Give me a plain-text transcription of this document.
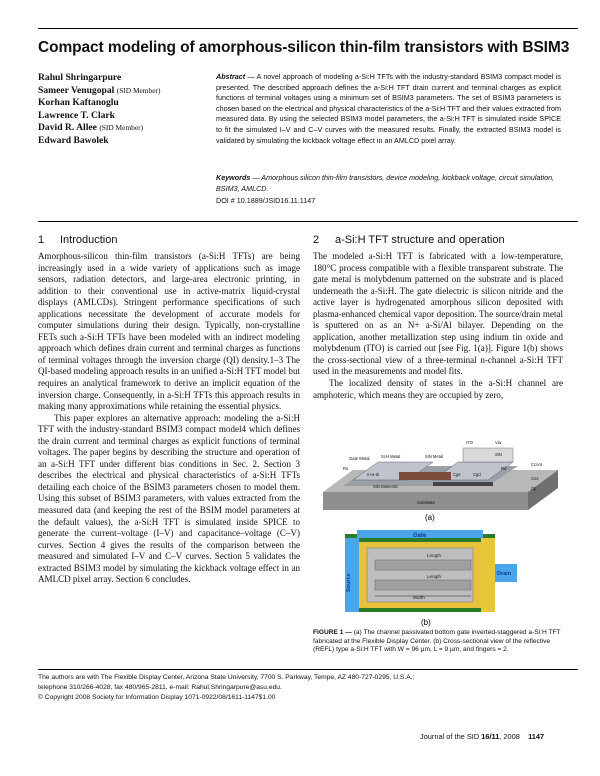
Compact modeling of amorphous-silicon thin-film transistors with BSIM3
Rahul Shringarpure
Sameer Venugopal (SID Member)
Korhan Kaftanoglu
Lawrence T. Clark
David R. Allee (SID Member)
Edward Bawolek
Abstract — A novel approach of modeling a-Si:H TFTs with the industry-standard BSIM3 compact model is presented. The described approach defines the a-Si:H TFT drain current and terminal charges as explicit functions of terminal voltages using a minimum set of BSIM3 parameters. The set of BSIM3 parameters is chosen based on the electrical and physical characteristics of the a-Si:H TFT and their values extracted from measured data. By using the selected BSIM3 model parameters, the a-Si:H TFT is simulated inside SPICE to fit the simulated I–V and C–V curves with the measured results. Finally, the extracted BSIM3 model is validated by simulating the kickback voltage effect in an AMLCD pixel array.
Keywords — Amorphous silicon thin-film transistors, device modeling, kickback voltage, circuit simulation, BSIM3, AMLCD.
DOI # 10.1889/JSID16.11.1147
1 Introduction

Amorphous-silicon thin-film transistors (a-Si:H TFTs) are being increasingly used in a wide variety of applications such as image sensors, radiation detectors, and large-area electronic printing, in addition to their conventional use in active-matrix liquid-crystal displays (AMLCDs). Stringent performance specifications of such applications necessitate the development of accurate models for computer simulations during their design. Typically, non-crystalline FETs such a-Si:H TFTs have been modeled with an indirect modeling approach which defines drain current and terminal charges as functions of terminal voltages through the inversion charge (QI) density.1–3 The QI-based modeling approach results in an unified a-Si:H TFT model but requires an analytical framework to derive an implicit equation of the inversion charge. Consequently, in a-Si:H TFTs this approach results in making many approximations while retaining the essential physics.

This paper explores an alternative approach: modeling the a-Si:H TFT with the industry-standard BSIM3 compact model4 which defines the drain current and terminal charges as explicit functions of terminal voltages. The paper begins by describing the structure and operation of an a-Si:H TFT under different bias conditions in Sec. 2. Section 3 describes the electrical and physical characteristics of a-Si:H TFTs detailing each choice of the BSIM3 parameters chosen to model them. Using this subset of BSIM3 parameters, with values extracted from the measured data (and keeping the rest of the BSIM model parameters at the default values), the a-Si:H TFT is simulated inside SPICE to generate the current–voltage (I–V) and capacitance–voltage (C–V) curves. Section 4 gives the results of the comparison between the measured and simulated I–V and C–V curves. Section 5 validates the extracted BSIM3 model by simulating the kickback voltage effect in an AMLCD pixel array. Section 6 concludes.

2 a-Si:H TFT structure and operation

The modeled a-Si:H TFT is fabricated with a low-temperature, 180°C process compatible with a flexible transparent substrate. The gate metal is molybdenum patterned on the substrate and is placed underneath the a-Si:H. The gate dielectric is silicon nitride and the active layer is hydrogenated amorphous silicon deposited with plasma-enhanced chemical vapor deposition. The source/drain metal is sputtered on as an N+ a-Si/Al bilayer. Depending on the application, another metallization step using indium tin oxide and molybdenum (ITO) is carried out [see Fig. 1(a)]. Figure 1(b) shows the cross-sectional view of a three-terminal n-channel a-Si:H TFT used in the measurements and model fits.

The localized density of states in the a-Si:H channel are amphoteric, which means they are occupied by zero,

ITO	Via
SiN
Gate Metal	Si:H Metal	SiN Metal
Ccont
n+a-Si
SiN Dielectric
Cox
Substrate
Cgs	Cgd
Rs	Rd
Cp
(a)
Gate
Source	Drain
Length
Length
Width
(b)
FIGURE 1 — (a) The channel passivated bottom gate inverted-staggered a-Si:H TFT fabricated at the Flexible Display Center. (b) Cross-sectional view of the reflective (REFL) type a-Si:H TFT with W = 96 µm, L = 9 µm, and fingers = 2.
The authors are with The Flexible Display Center, Arizona State University, 7700 S. Parkway, Tempe, AZ 480-727-0295, U.S.A.;
telephone 310/266-4028, fax 480/965-2811, e-mail: Rahul.Shringarpure@asu.edu.
© Copyright 2008 Society for Information Display 1071-0922/08/1611-1147$1.00
Journal of the SID 16/11, 2008 1147
